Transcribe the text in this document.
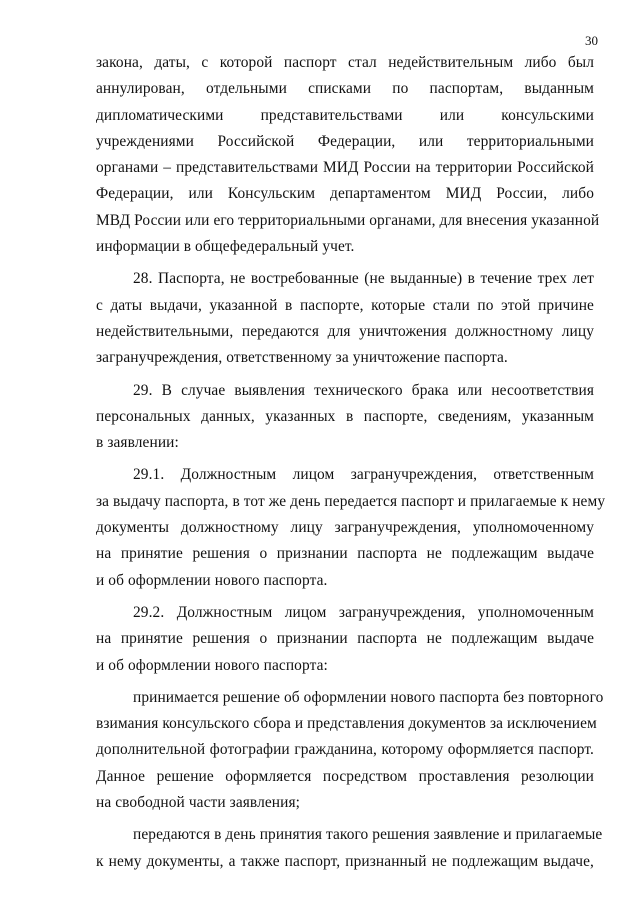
30
закона, даты, с которой паспорт стал недействительным либо был
аннулирован, отдельными списками по паспортам, выданным
дипломатическими представительствами или консульскими
учреждениями Российской Федерации, или территориальными
органами – представительствами МИД России на территории Российской
Федерации, или Консульским департаментом МИД России, либо
МВД России или его территориальными органами, для внесения указанной
информации в общефедеральный учет.
28. Паспорта, не востребованные (не выданные) в течение трех лет
с даты выдачи, указанной в паспорте, которые стали по этой причине
недействительными, передаются для уничтожения должностному лицу
загранучреждения, ответственному за уничтожение паспорта.
29. В случае выявления технического брака или несоответствия
персональных данных, указанных в паспорте, сведениям, указанным
в заявлении:
29.1. Должностным лицом загранучреждения, ответственным
за выдачу паспорта, в тот же день передается паспорт и прилагаемые к нему
документы должностному лицу загранучреждения, уполномоченному
на принятие решения о признании паспорта не подлежащим выдаче
и об оформлении нового паспорта.
29.2. Должностным лицом загранучреждения, уполномоченным
на принятие решения о признании паспорта не подлежащим выдаче
и об оформлении нового паспорта:
принимается решение об оформлении нового паспорта без повторного
взимания консульского сбора и представления документов за исключением
дополнительной фотографии гражданина, которому оформляется паспорт.
Данное решение оформляется посредством проставления резолюции
на свободной части заявления;
передаются в день принятия такого решения заявление и прилагаемые
к нему документы, а также паспорт, признанный не подлежащим выдаче,
